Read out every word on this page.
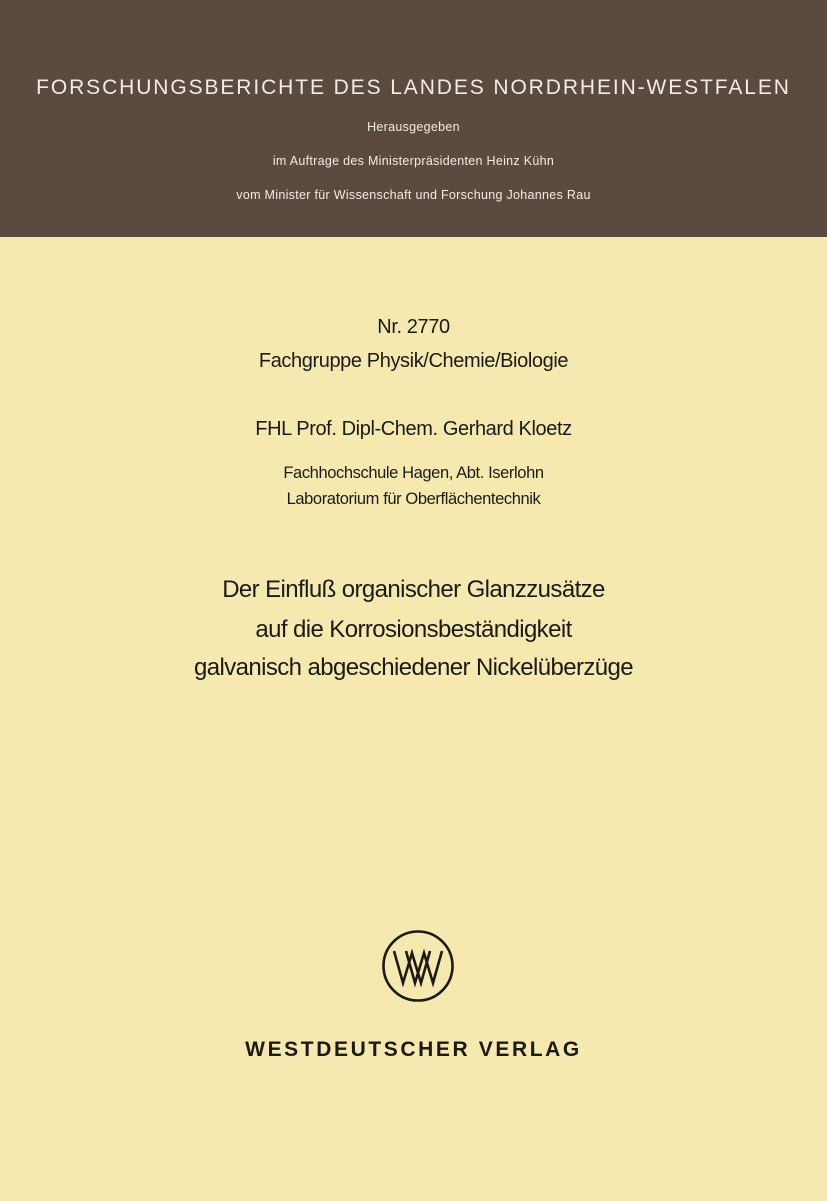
FORSCHUNGSBERICHTE DES LANDES NORDRHEIN-WESTFALEN
Herausgegeben
im Auftrage des Ministerpräsidenten Heinz Kühn
vom Minister für Wissenschaft und Forschung Johannes Rau
Nr. 2770
Fachgruppe Physik/Chemie/Biologie
FHL Prof. Dipl-Chem. Gerhard Kloetz
Fachhochschule Hagen, Abt. Iserlohn
Laboratorium für Oberflächentechnik
Der Einfluß organischer Glanzzusätze
auf die Korrosionsbeständigkeit
galvanisch abgeschiedener Nickelüberzüge
WESTDEUTSCHER VERLAG
